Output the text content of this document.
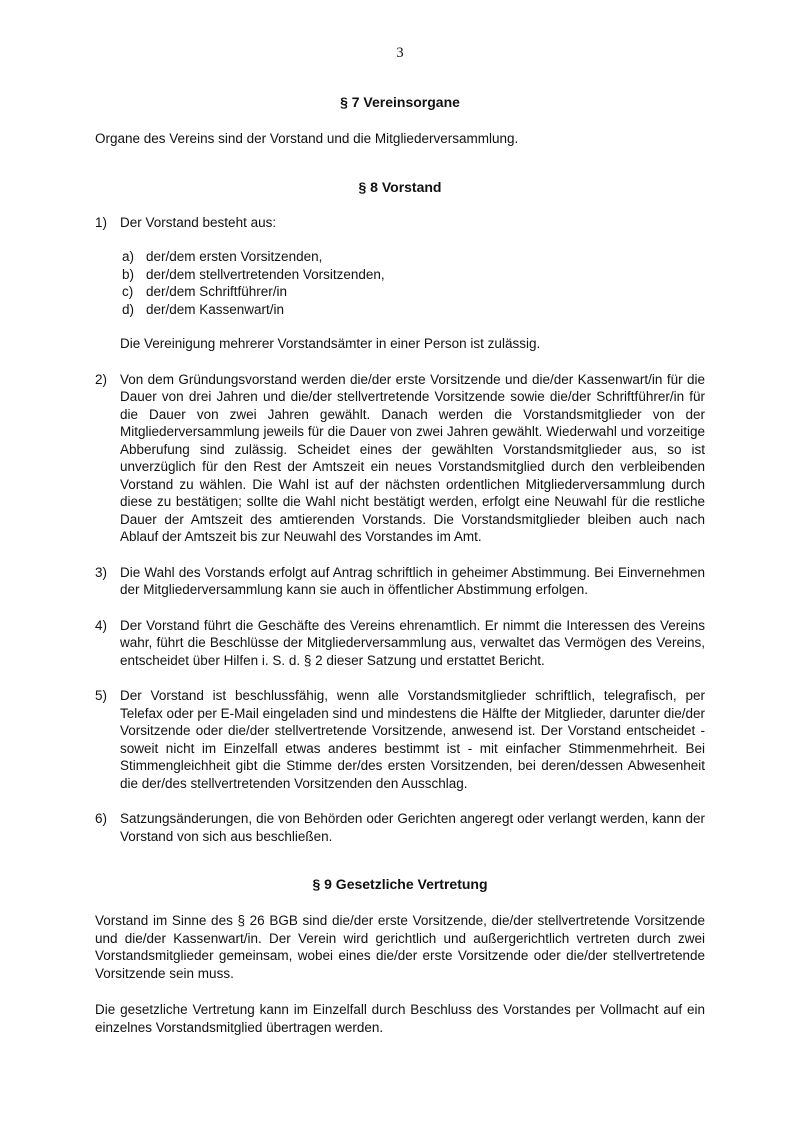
3
§ 7 Vereinsorgane

Organe des Vereins sind der Vorstand und die Mitgliederversammlung.

§ 8 Vorstand
1) Der Vorstand besteht aus:

a) der/dem ersten Vorsitzenden,
b) der/dem stellvertretenden Vorsitzenden,
c) der/dem Schriftführer/in
d) der/dem Kassenwart/in

Die Vereinigung mehrerer Vorstandsämter in einer Person ist zulässig.

2) Von dem Gründungsvorstand werden die/der erste Vorsitzende und die/der Kassenwart/in für die Dauer von drei Jahren und die/der stellvertretende Vorsitzende sowie die/der Schriftführer/in für die Dauer von zwei Jahren gewählt. Danach werden die Vorstandsmitglieder von der Mitgliederversammlung jeweils für die Dauer von zwei Jahren gewählt. Wiederwahl und vorzeitige Abberufung sind zulässig. Scheidet eines der gewählten Vorstandsmitglieder aus, so ist unverzüglich für den Rest der Amtszeit ein neues Vorstandsmitglied durch den verbleibenden Vorstand zu wählen. Die Wahl ist auf der nächsten ordentlichen Mitgliederversammlung durch diese zu bestätigen; sollte die Wahl nicht bestätigt werden, erfolgt eine Neuwahl für die restliche Dauer der Amtszeit des amtierenden Vorstands. Die Vorstandsmitglieder bleiben auch nach Ablauf der Amtszeit bis zur Neuwahl des Vorstandes im Amt.

3) Die Wahl des Vorstands erfolgt auf Antrag schriftlich in geheimer Abstimmung. Bei Einvernehmen der Mitgliederversammlung kann sie auch in öffentlicher Abstimmung erfolgen.

4) Der Vorstand führt die Geschäfte des Vereins ehrenamtlich. Er nimmt die Interessen des Vereins wahr, führt die Beschlüsse der Mitgliederversammlung aus, verwaltet das Vermögen des Vereins, entscheidet über Hilfen i. S. d. § 2 dieser Satzung und erstattet Bericht.

5) Der Vorstand ist beschlussfähig, wenn alle Vorstandsmitglieder schriftlich, telegrafisch, per Telefax oder per E-Mail eingeladen sind und mindestens die Hälfte der Mitglieder, darunter die/der Vorsitzende oder die/der stellvertretende Vorsitzende, anwesend ist. Der Vorstand entscheidet - soweit nicht im Einzelfall etwas anderes bestimmt ist - mit einfacher Stimmenmehrheit. Bei Stimmengleichheit gibt die Stimme der/des ersten Vorsitzenden, bei deren/dessen Abwesenheit die der/des stellvertretenden Vorsitzenden den Ausschlag.

6) Satzungsänderungen, die von Behörden oder Gerichten angeregt oder verlangt werden, kann der Vorstand von sich aus beschließen.

§ 9 Gesetzliche Vertretung

Vorstand im Sinne des § 26 BGB sind die/der erste Vorsitzende, die/der stellvertretende Vorsitzende und die/der Kassenwart/in. Der Verein wird gerichtlich und außergerichtlich vertreten durch zwei Vorstandsmitglieder gemeinsam, wobei eines die/der erste Vorsitzende oder die/der stellvertretende Vorsitzende sein muss.

Die gesetzliche Vertretung kann im Einzelfall durch Beschluss des Vorstandes per Vollmacht auf ein einzelnes Vorstandsmitglied übertragen werden.
